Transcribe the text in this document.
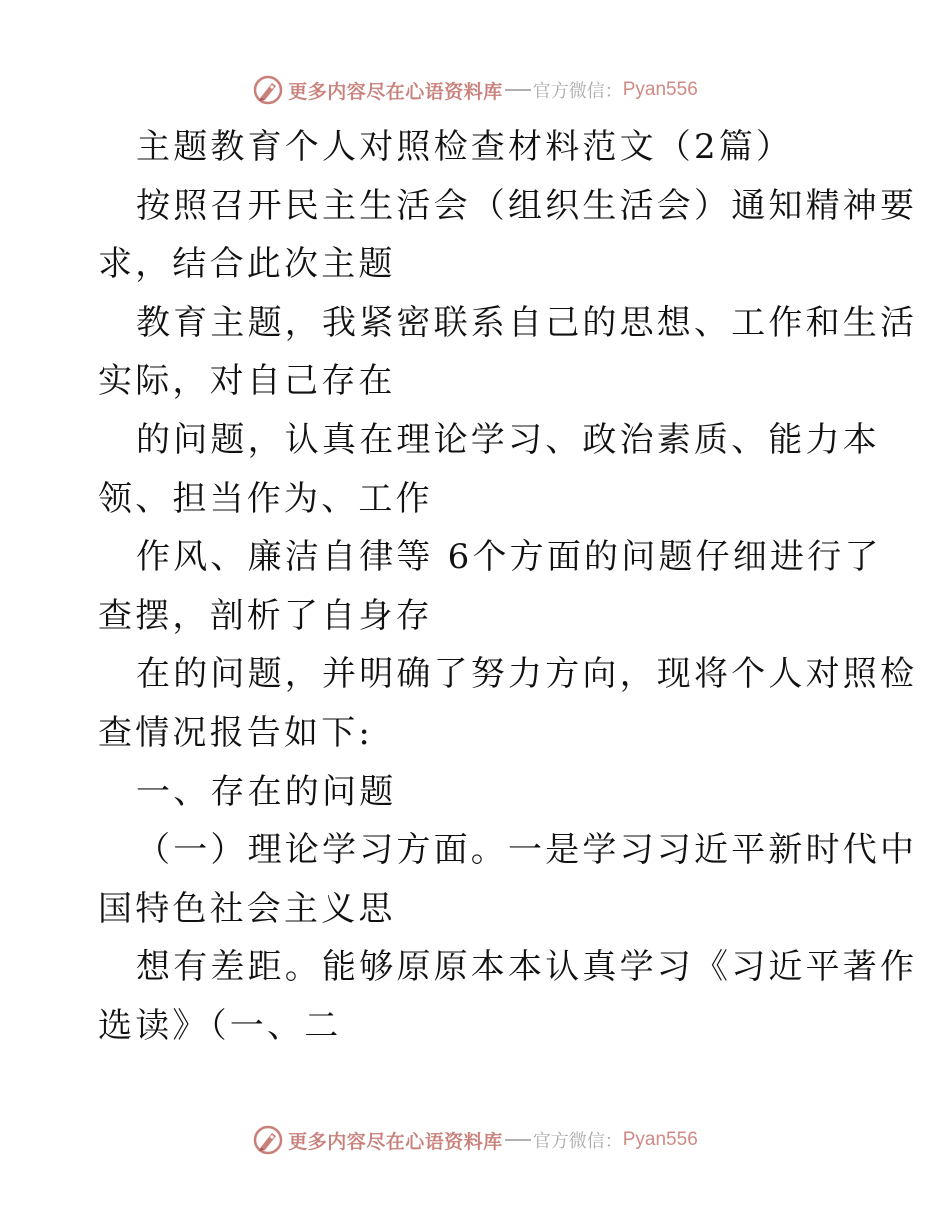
更多内容尽在心语资料库 官方微信： Pyan556
主题教育个人对照检查材料范文（2篇）
按照召开民主生活会（组织生活会）通知精神要
求，结合此次主题
教育主题，我紧密联系自己的思想、工作和生活
实际，对自己存在
的问题，认真在理论学习、政治素质、能力本
领、担当作为、工作
作风、廉洁自律等 6个方面的问题仔细进行了
查摆，剖析了自身存
在的问题，并明确了努力方向，现将个人对照检
查情况报告如下:
一、存在的问题
（一）理论学习方面。一是学习习近平新时代中
国特色社会主义思
想有差距。能够原原本本认真学习《习近平著作
选读》（一、二
更多内容尽在心语资料库 官方微信： Pyan556
